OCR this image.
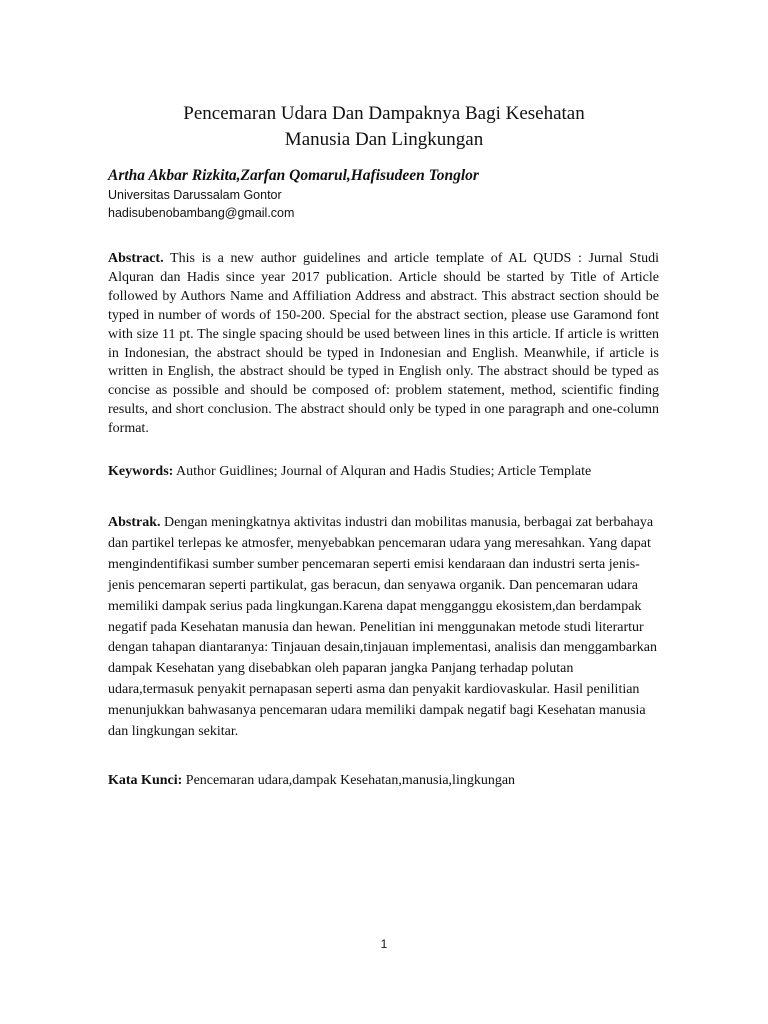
Pencemaran Udara Dan Dampaknya Bagi Kesehatan
Manusia Dan Lingkungan

Artha Akbar Rizkita,Zarfan Qomarul,Hafisudeen Tonglor

Universitas Darussalam Gontor

hadisubenobambang@gmail.com

Abstract. This is a new author guidelines and article template of AL QUDS : Jurnal Studi Alquran dan Hadis since year 2017 publication. Article should be started by Title of Article followed by Authors Name and Affiliation Address and abstract. This abstract section should be typed in number of words of 150-200. Special for the abstract section, please use Garamond font with size 11 pt. The single spacing should be used between lines in this article. If article is written in Indonesian, the abstract should be typed in Indonesian and English. Meanwhile, if article is written in English, the abstract should be typed in English only. The abstract should be typed as concise as possible and should be composed of: problem statement, method, scientific finding results, and short conclusion. The abstract should only be typed in one paragraph and one-column format.

Keywords: Author Guidlines; Journal of Alquran and Hadis Studies; Article Template

Abstrak. Dengan meningkatnya aktivitas industri dan mobilitas manusia, berbagai zat berbahaya dan partikel terlepas ke atmosfer, menyebabkan pencemaran udara yang meresahkan. Yang dapat mengindentifikasi sumber sumber pencemaran seperti emisi kendaraan dan industri serta jenis-jenis pencemaran seperti partikulat, gas beracun, dan senyawa organik. Dan pencemaran udara memiliki dampak serius pada lingkungan.Karena dapat mengganggu ekosistem,dan berdampak negatif pada Kesehatan manusia dan hewan. Penelitian ini menggunakan metode studi literartur dengan tahapan diantaranya: Tinjauan desain,tinjauan implementasi, analisis dan menggambarkan dampak Kesehatan yang disebabkan oleh paparan jangka Panjang terhadap polutan udara,termasuk penyakit pernapasan seperti asma dan penyakit kardiovaskular. Hasil penilitian menunjukkan bahwasanya pencemaran udara memiliki dampak negatif bagi Kesehatan manusia dan lingkungan sekitar.

Kata Kunci: Pencemaran udara,dampak Kesehatan,manusia,lingkungan

1
